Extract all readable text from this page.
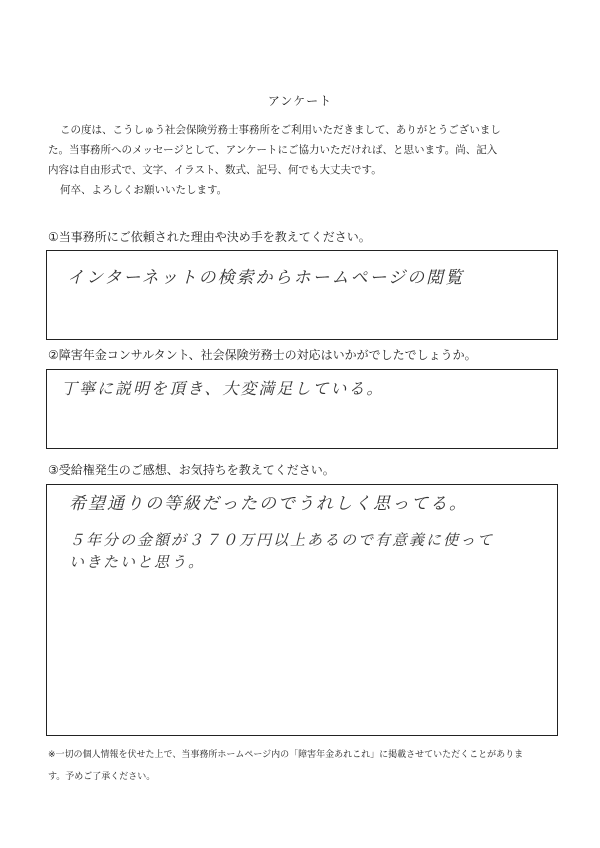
アンケート

この度は、こうしゅう社会保険労務士事務所をご利用いただきまして、ありがとうございまし

た。当事務所へのメッセージとして、アンケートにご協力いただければ、と思います。尚、記入

内容は自由形式で、文字、イラスト、数式、記号、何でも大丈夫です。

何卒、よろしくお願いいたします。

①当事務所にご依頼された理由や決め手を教えてください。
インターネットの検索からホームページの閲覧
②障害年金コンサルタント、社会保険労務士の対応はいかがでしたでしょうか。
丁寧に説明を頂き、大変満足している。
③受給権発生のご感想、お気持ちを教えてください。
希望通りの等級だったのでうれしく思ってる。
５年分の金額が３７０万円以上あるので有意義に使って
いきたいと思う。
※一切の個人情報を伏せた上で、当事務所ホームページ内の「障害年金あれこれ」に掲載させていただくことがありま
す。予めご了承ください。
